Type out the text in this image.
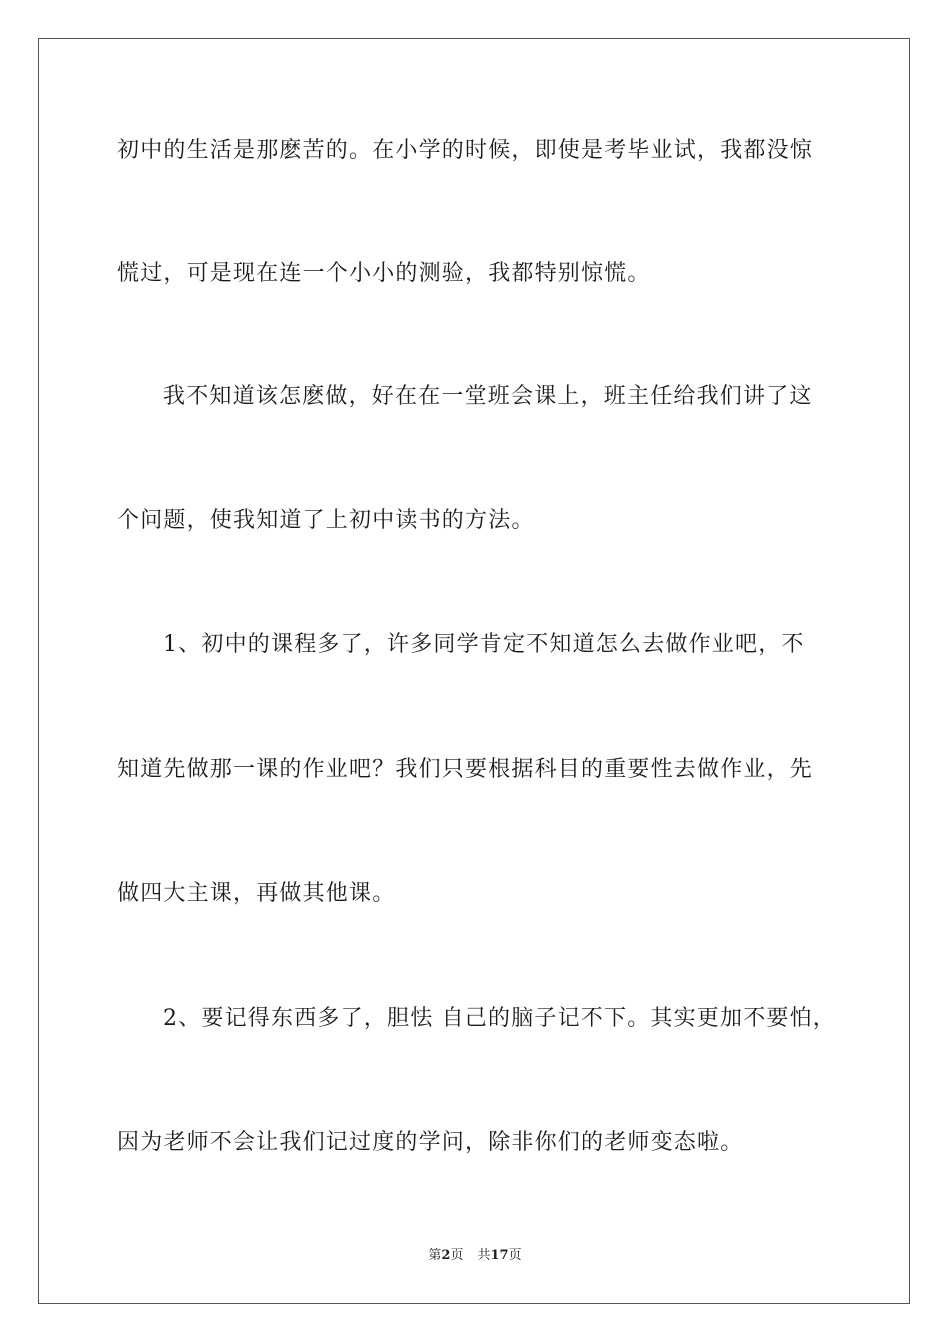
初中的生活是那麽苦的。在小学的时候，即使是考毕业试，我都没惊
慌过，可是现在连一个小小的测验，我都特别惊慌。
我不知道该怎麽做，好在在一堂班会课上，班主任给我们讲了这
个问题，使我知道了上初中读书的方法。
1、初中的课程多了，许多同学肯定不知道怎么去做作业吧，不
知道先做那一课的作业吧？我们只要根据科目的重要性去做作业，先
做四大主课，再做其他课。
2、要记得东西多了，胆怯 自己的脑子记不下。其实更加不要怕，
因为老师不会让我们记过度的学问，除非你们的老师变态啦。
第2页 共17页
